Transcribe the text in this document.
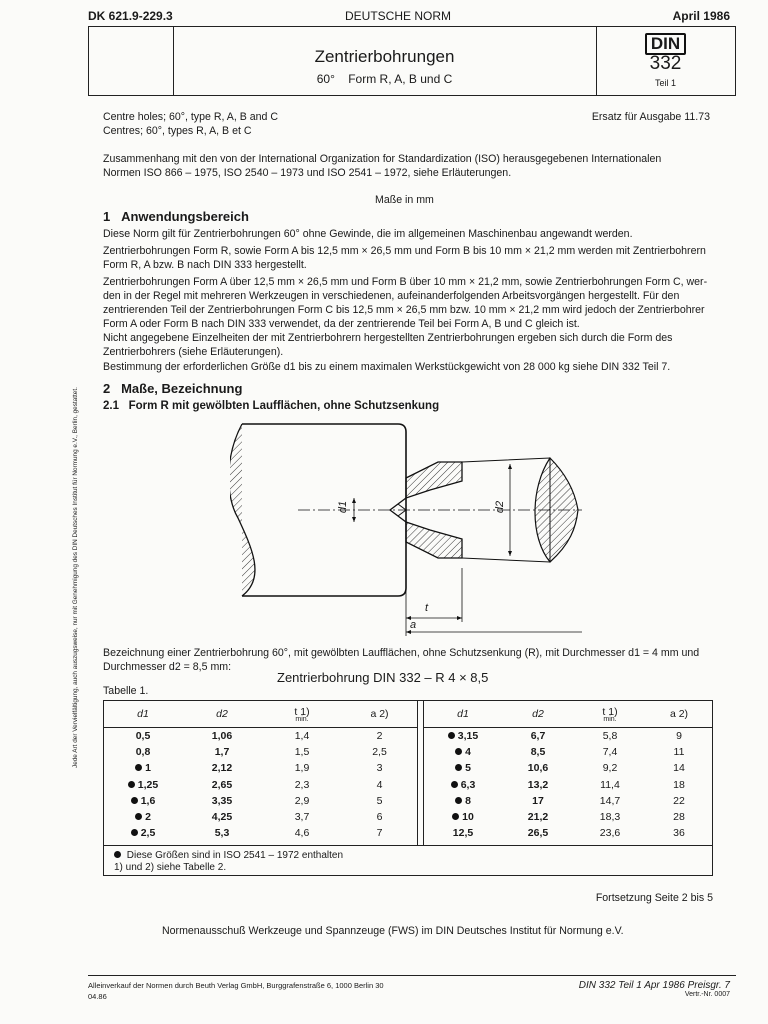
DK 621.9-229.3	DEUTSCHE NORM	April 1986
Zentrierbohrungen
60° Form R, A, B und C
DIN
332
Teil 1
Centre holes; 60°, type R, A, B and C
Centres; 60°, types R, A, B et C
Ersatz für Ausgabe 11.73
Zusammenhang mit den von der International Organization for Standardization (ISO) herausgegebenen Internationalen
Normen ISO 866 – 1975, ISO 2540 – 1973 und ISO 2541 – 1972, siehe Erläuterungen.
Maße in mm
1 Anwendungsbereich
Diese Norm gilt für Zentrierbohrungen 60° ohne Gewinde, die im allgemeinen Maschinenbau angewandt werden.
Zentrierbohrungen Form R, sowie Form A bis 12,5 mm × 26,5 mm und Form B bis 10 mm × 21,2 mm werden mit Zentrierbohrern
Form R, A bzw. B nach DIN 333 hergestellt.
Zentrierbohrungen Form A über 12,5 mm × 26,5 mm und Form B über 10 mm × 21,2 mm, sowie Zentrierbohrungen Form C, wer-
den in der Regel mit mehreren Werkzeugen in verschiedenen, aufeinanderfolgenden Arbeitsvorgängen hergestellt. Für den
zentrierenden Teil der Zentrierbohrungen Form C bis 12,5 mm × 26,5 mm bzw. 10 mm × 21,2 mm wird jedoch der Zentrierbohrer
Form A oder Form B nach DIN 333 verwendet, da der zentrierende Teil bei Form A, B und C gleich ist.
Nicht angegebene Einzelheiten der mit Zentrierbohrern hergestellten Zentrierbohrungen ergeben sich durch die Form des
Zentrierbohrers (siehe Erläuterungen).
Bestimmung der erforderlichen Größe d1 bis zu einem maximalen Werkstückgewicht von 28 000 kg siehe DIN 332 Teil 7.
2 Maße, Bezeichnung
2.1 Form R mit gewölbten Laufflächen, ohne Schutzsenkung
d1	d2
t
a
Bezeichnung einer Zentrierbohrung 60°, mit gewölbten Laufflächen, ohne Schutzsenkung (R), mit Durchmesser d1 = 4 mm und
Durchmesser d2 = 8,5 mm:
Zentrierbohrung DIN 332 – R 4 × 8,5
Tabelle 1.
d1	d2	t 1)
min.	a 2)
0,5	1,06	1,4	2
0,8	1,7	1,5	2,5
1	2,12	1,9	3
1,25	2,65	2,3	4
1,6	3,35	2,9	5
2	4,25	3,7	6
2,5	5,3	4,6	7
d1	d2	t 1)
min.	a 2)
3,15	6,7	5,8	9
4	8,5	7,4	11
5	10,6	9,2	14
6,3	13,2	11,4	18
8	17	14,7	22
10	21,2	18,3	28
12,5	26,5	23,6	36
Diese Größen sind in ISO 2541 – 1972 enthalten
1) und 2) siehe Tabelle 2.
Fortsetzung Seite 2 bis 5
Normenausschuß Werkzeuge und Spannzeuge (FWS) im DIN Deutsches Institut für Normung e.V.
Alleinverkauf der Normen durch Beuth Verlag GmbH, Burggrafenstraße 6, 1000 Berlin 30
04.86
DIN 332 Teil 1 Apr 1986 Preisgr. 7
Vertr.-Nr. 0007
Jede Art der Vervielfältigung, auch auszugsweise, nur mit Genehmigung des DIN Deutsches Institut für Normung e.V., Berlin, gestattet.
